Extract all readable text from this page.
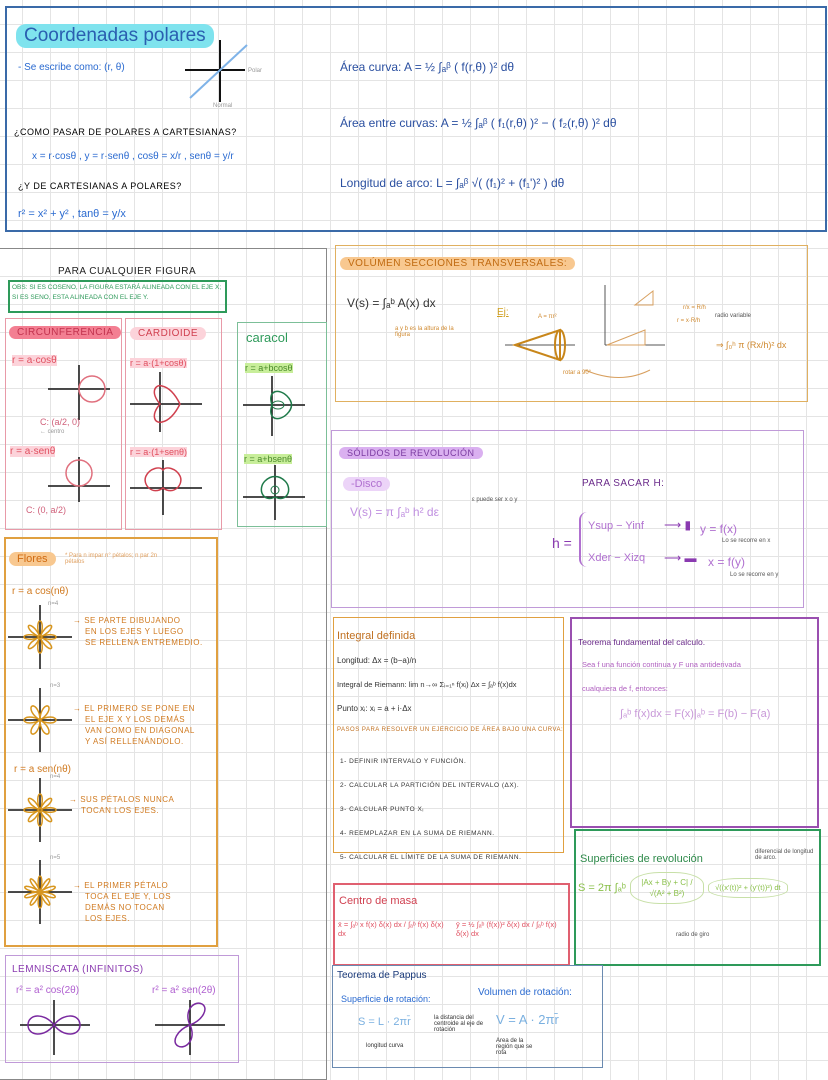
Coordenadas polares
- Se escribe como: (r, θ)	Polar
Normal
¿COMO PASAR DE POLARES A CARTESIANAS?
x = r·cosθ , y = r·senθ , cosθ = x/r , senθ = y/r
¿Y DE CARTESIANAS A POLARES?
r² = x² + y² , tanθ = y/x
Área curva: A = ½ ∫ₐᵝ ( f(r,θ) )² dθ
Área entre curvas: A = ½ ∫ₐᵝ ( f₁(r,θ) )² − ( f₂(r,θ) )² dθ
Longitud de arco: L = ∫ₐᵝ √( (f₁)² + (f₁')² ) dθ
PARA CUALQUIER FIGURA
OBS: SI ES COSENO, LA FIGURA ESTARÁ ALINEADA CON EL EJE X; SI ES SENO, ESTA ALINEADA CON EL EJE Y.
CIRCUNFERENCIA
r = a·cosθ
C: (a/2, 0)
← centro
r = a·senθ
C: (0, a/2)
CARDIOIDE
r = a·(1+cosθ)
r = a·(1+senθ)
caracol
r = a+bcosθ
r = a+bsenθ
Flores	* Para n impar n° pétalos; n par 2n pétalos
r = a cos(nθ)
n=4
n=3
n=4
n=5
→ SE PARTE DIBUJANDO
EN LOS EJES Y LUEGO
SE RELLENA ENTREMEDIO.
→ EL PRIMERO SE PONE EN
EL EJE X Y LOS DEMÁS
VAN COMO EN DIAGONAL
Y ASÍ RELLENÁNDOLO.
r = a sen(nθ)
→ SUS PÉTALOS NUNCA
TOCAN LOS EJES.
→ EL PRIMER PÉTALO
TOCA EL EJE Y, LOS
DEMÁS NO TOCAN
LOS EJES.
LEMNISCATA (INFINITOS)
r² = a² cos(2θ)	r² = a² sen(2θ)
VOLÚMEN SECCIONES TRANSVERSALES:
V(s) = ∫ₐᵇ A(x) dx
a y b es la altura de la figura
Ej:	A = πr²
rotar a 90°
r/x = R/h
r = x·R/h
radio variable
⇒ ∫₀ʰ π (Rx/h)² dx
SÓLIDOS DE REVOLUCIÓN
-Disco
V(s) = π ∫ₐᵇ h² dε
ε puede ser x o y
PARA SACAR H:
h =
Ysup − Yinf ⟶ ▮ y = f(x)
Lo se recorre en x
Xder − Xizq ⟶ ▬ x = f(y)
Lo se recorre en y
Integral definida
Longitud: Δx = (b−a)/n
Integral de Riemann: lim n→∞ Σᵢ₌₁ⁿ f(xᵢ) Δx = ∫ₐᵇ f(x)dx
Punto xᵢ: xᵢ = a + i·Δx
PASOS PARA RESOLVER UN EJERCICIO DE ÁREA BAJO UNA CURVA:
1- DEFINIR INTERVALO Y FUNCIÓN.
2- CALCULAR LA PARTICIÓN DEL INTERVALO (ΔX).
3- CALCULAR PUNTO Xᵢ
4- REEMPLAZAR EN LA SUMA DE RIEMANN.
5- CALCULAR EL LÍMITE DE LA SUMA DE RIEMANN.
Teorema fundamental del calculo.
Sea f una función continua y F una antiderivada
cualquiera de f, entonces:
∫ₐᵇ f(x)dx = F(x)|ₐᵇ = F(b) − F(a)
Superficies de revolución
diferencial de longitud de arco.
S = 2π ∫ₐᵇ	|Ax + By + C| / √(A² + B²)
√((x'(t))² + (y'(t))²) dt
radio de giro
Centro de masa
x̄ = ∫ₐᵇ x f(x) δ(x) dx / ∫ₐᵇ f(x) δ(x) dx
ȳ = ½ ∫ₐᵇ (f(x))² δ(x) dx / ∫ₐᵇ f(x) δ(x) dx
Teorema de Pappus
Superficie de rotación:
S = L · 2πr̄
longitud curva
la distancia del centroide al eje de rotación
Volumen de rotación:
V = A · 2πr̄
Area de la región que se rota
